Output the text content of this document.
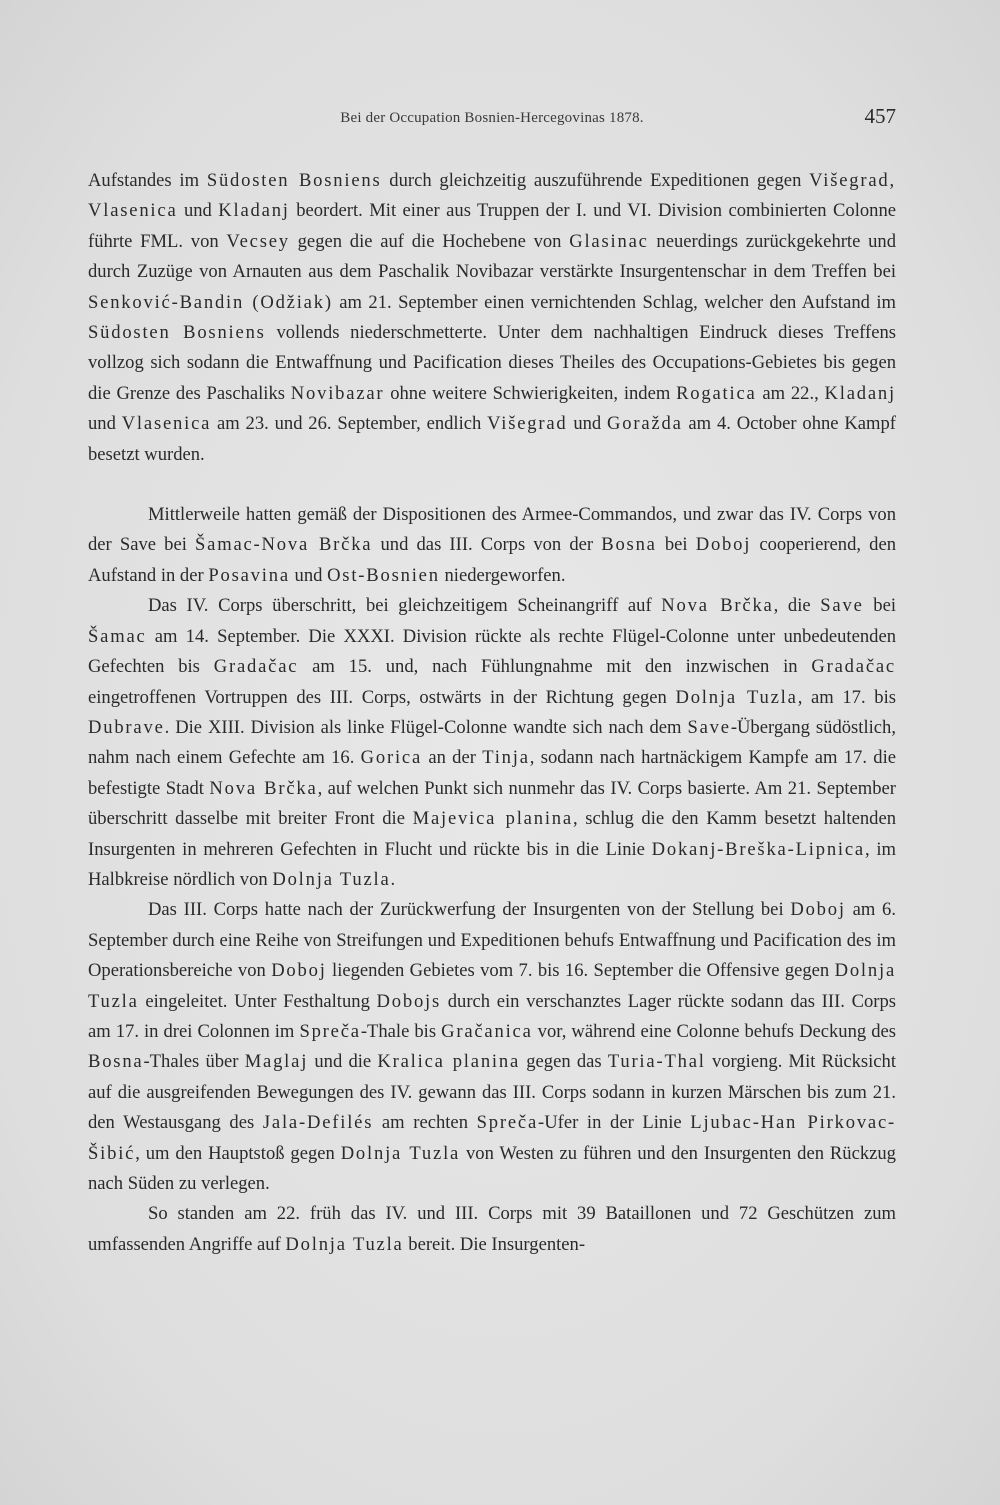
Bei der Occupation Bosnien-Hercegovinas 1878.	457

Aufstandes im Südosten Bosniens durch gleichzeitig auszuführende Expeditionen gegen Višegrad, Vlasenica und Kladanj beordert. Mit einer aus Truppen der I. und VI. Division combinierten Colonne führte FML. von Vecsey gegen die auf die Hochebene von Glasinac neuerdings zurückgekehrte und durch Zuzüge von Arnauten aus dem Paschalik Novibazar verstärkte Insurgentenschar in dem Treffen bei Senković-Bandin (Odžiak) am 21. September einen vernichtenden Schlag, welcher den Aufstand im Südosten Bosniens vollends niederschmetterte. Unter dem nachhaltigen Eindruck dieses Treffens vollzog sich sodann die Entwaffnung und Pacification dieses Theiles des Occupations-Gebietes bis gegen die Grenze des Paschaliks Novibazar ohne weitere Schwierigkeiten, indem Rogatica am 22., Kladanj und Vlasenica am 23. und 26. September, endlich Višegrad und Goražda am 4. October ohne Kampf besetzt wurden.

Mittlerweile hatten gemäß der Dispositionen des Armee-Commandos, und zwar das IV. Corps von der Save bei Šamac-Nova Brčka und das III. Corps von der Bosna bei Doboj cooperierend, den Aufstand in der Posavina und Ost-Bosnien niedergeworfen.

Das IV. Corps überschritt, bei gleichzeitigem Scheinangriff auf Nova Brčka, die Save bei Šamac am 14. September. Die XXXI. Division rückte als rechte Flügel-Colonne unter unbedeutenden Gefechten bis Gradačac am 15. und, nach Fühlungnahme mit den inzwischen in Gradačac eingetroffenen Vortruppen des III. Corps, ostwärts in der Richtung gegen Dolnja Tuzla, am 17. bis Dubrave. Die XIII. Division als linke Flügel-Colonne wandte sich nach dem Save-Übergang südöstlich, nahm nach einem Gefechte am 16. Gorica an der Tinja, sodann nach hartnäckigem Kampfe am 17. die befestigte Stadt Nova Brčka, auf welchen Punkt sich nunmehr das IV. Corps basierte. Am 21. September überschritt dasselbe mit breiter Front die Majevica planina, schlug die den Kamm besetzt haltenden Insurgenten in mehreren Gefechten in Flucht und rückte bis in die Linie Dokanj-Breška-Lipnica, im Halbkreise nördlich von Dolnja Tuzla.

Das III. Corps hatte nach der Zurückwerfung der Insurgenten von der Stellung bei Doboj am 6. September durch eine Reihe von Streifungen und Expeditionen behufs Entwaffnung und Pacification des im Operationsbereiche von Doboj liegenden Gebietes vom 7. bis 16. September die Offensive gegen Dolnja Tuzla eingeleitet. Unter Festhaltung Dobojs durch ein verschanztes Lager rückte sodann das III. Corps am 17. in drei Colonnen im Spreča-Thale bis Gračanica vor, während eine Colonne behufs Deckung des Bosna-Thales über Maglaj und die Kralica planina gegen das Turia-Thal vorgieng. Mit Rücksicht auf die ausgreifenden Bewegungen des IV. gewann das III. Corps sodann in kurzen Märschen bis zum 21. den Westausgang des Jala-Defilés am rechten Spreča-Ufer in der Linie Ljubac-Han Pirkovac-Šibić, um den Hauptstoß gegen Dolnja Tuzla von Westen zu führen und den Insurgenten den Rückzug nach Süden zu verlegen.

So standen am 22. früh das IV. und III. Corps mit 39 Bataillonen und 72 Geschützen zum umfassenden Angriffe auf Dolnja Tuzla bereit. Die Insurgenten-
